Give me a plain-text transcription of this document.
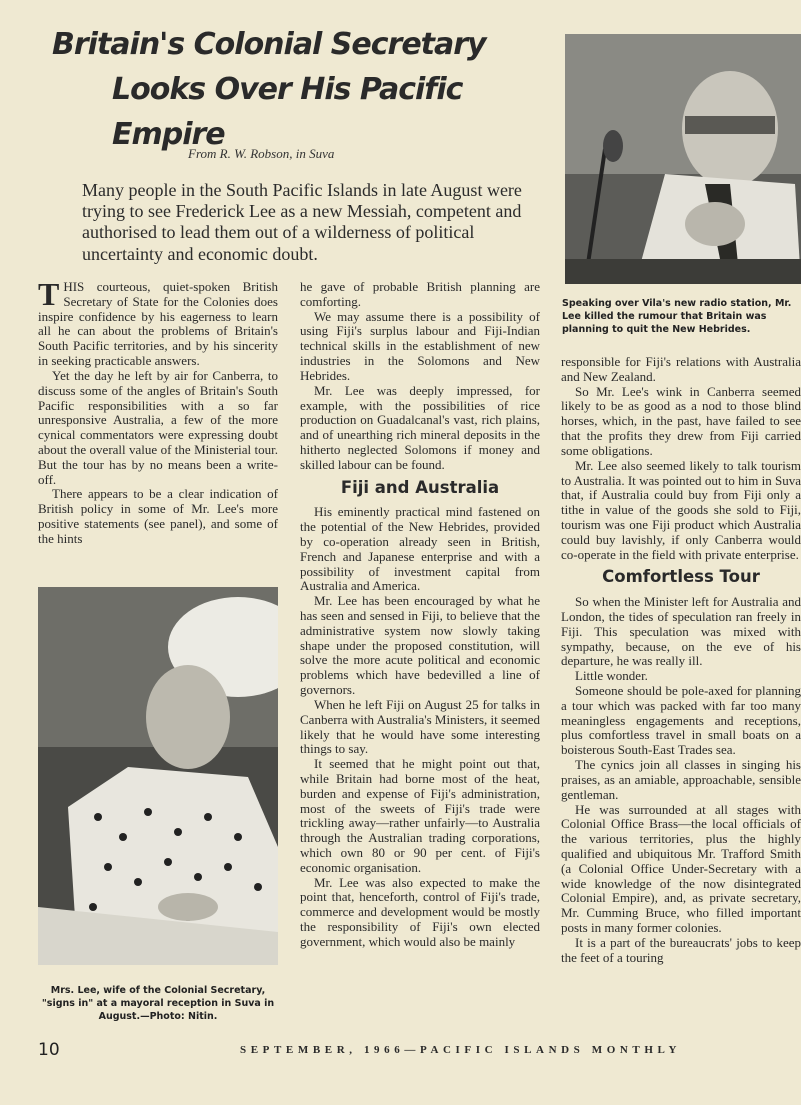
Britain's Colonial Secretary
Looks Over His Pacific Empire
From R. W. Robson, in Suva
Many people in the South Pacific Islands in late August were trying to see Frederick Lee as a new Messiah, competent and authorised to lead them out of a wilderness of political uncertainty and economic doubt.
Speaking over Vila's new radio station, Mr. Lee killed the rumour that Britain was planning to quit the New Hebrides.

THIS courteous, quiet-spoken British Secretary of State for the Colonies does inspire confidence by his eagerness to learn all he can about the problems of Britain's South Pacific territories, and by his sincerity in seeking practicable answers.

Yet the day he left by air for Canberra, to discuss some of the angles of Britain's South Pacific responsibilities with a so far unresponsive Australia, a few of the more cynical commentators were expressing doubt about the overall value of the Ministerial tour. But the tour has by no means been a write-off.

There appears to be a clear indication of British policy in some of Mr. Lee's more positive statements (see panel), and some of the hints

Mrs. Lee, wife of the Colonial Secretary, "signs in" at a mayoral reception in Suva in August.—Photo: Nitin.

he gave of probable British planning are comforting.

We may assume there is a possibility of using Fiji's surplus labour and Fiji-Indian technical skills in the establishment of new industries in the Solomons and New Hebrides.

Mr. Lee was deeply impressed, for example, with the possibilities of rice production on Guadalcanal's vast, rich plains, and of unearthing rich mineral deposits in the hitherto neglected Solomons if money and skilled labour can be found.

Fiji and Australia

His eminently practical mind fastened on the potential of the New Hebrides, provided by co-operation already seen in British, French and Japanese enterprise and with a possibility of investment capital from Australia and America.

Mr. Lee has been encouraged by what he has seen and sensed in Fiji, to believe that the administrative system now slowly taking shape under the proposed constitution, will solve the more acute political and economic problems which have bedevilled a line of governors.

When he left Fiji on August 25 for talks in Canberra with Australia's Ministers, it seemed likely that he would have some interesting things to say.

It seemed that he might point out that, while Britain had borne most of the heat, burden and expense of Fiji's administration, most of the sweets of Fiji's trade were trickling away—rather unfairly—to Australia through the Australian trading corporations, which own 80 or 90 per cent. of Fiji's economic organisation.

Mr. Lee was also expected to make the point that, henceforth, control of Fiji's trade, commerce and development would be mostly the responsibility of Fiji's own elected government, which would also be mainly

responsible for Fiji's relations with Australia and New Zealand.

So Mr. Lee's wink in Canberra seemed likely to be as good as a nod to those blind horses, which, in the past, have failed to see that the profits they drew from Fiji carried some obligations.

Mr. Lee also seemed likely to talk tourism to Australia. It was pointed out to him in Suva that, if Australia could buy from Fiji only a tithe in value of the goods she sold to Fiji, tourism was one Fiji product which Australia could buy lavishly, if only Canberra would co-operate in the field with private enterprise.

Comfortless Tour

So when the Minister left for Australia and London, the tides of speculation ran freely in Fiji. This speculation was mixed with sympathy, because, on the eve of his departure, he was really ill.

Little wonder.

Someone should be pole-axed for planning a tour which was packed with far too many meaningless engagements and receptions, plus comfortless travel in small boats on a boisterous South-East Trades sea.

The cynics join all classes in singing his praises, as an amiable, approachable, sensible gentleman.

He was surrounded at all stages with Colonial Office Brass—the local officials of the various territories, plus the highly qualified and ubiquitous Mr. Trafford Smith (a Colonial Office Under-Secretary with a wide knowledge of the now disintegrated Colonial Empire), and, as private secretary, Mr. Cumming Bruce, who filled important posts in many former colonies.

It is a part of the bureaucrats' jobs to keep the feet of a touring

10	SEPTEMBER, 1966—PACIFIC ISLANDS MONTHLY
